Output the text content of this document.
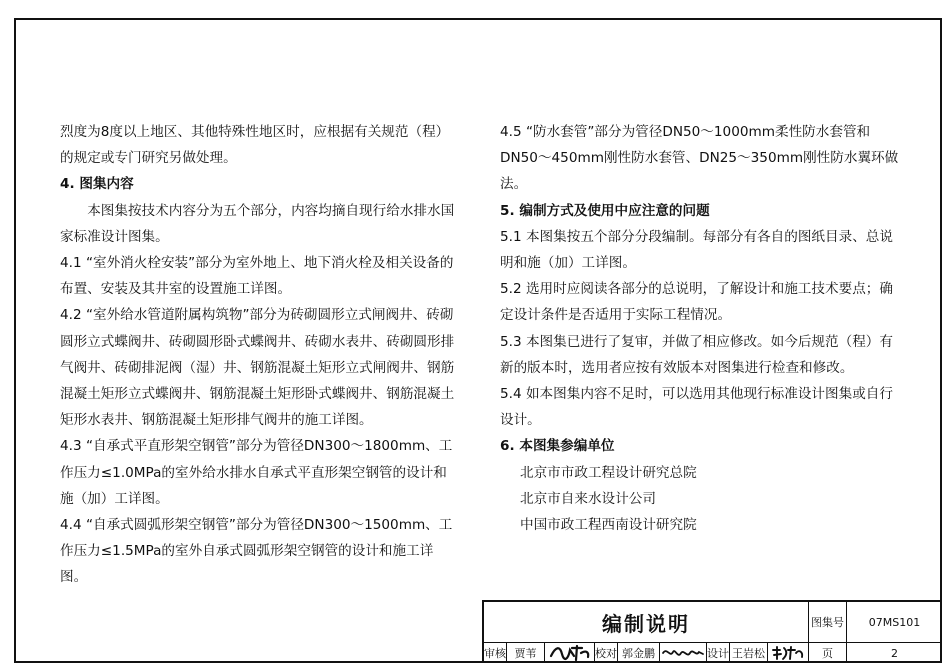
烈度为8度以上地区、其他特殊性地区时，应根据有关规范（程）

的规定或专门研究另做处理。

4. 图集内容

本图集按技术内容分为五个部分，内容均摘自现行给水排水国家标准设计图集。

4.1 “室外消火栓安装”部分为室外地上、地下消火栓及相关设备的布置、安装及其井室的设置施工详图。

4.2 “室外给水管道附属构筑物”部分为砖砌圆形立式闸阀井、砖砌圆形立式蝶阀井、砖砌圆形卧式蝶阀井、砖砌水表井、砖砌圆形排气阀井、砖砌排泥阀（湿）井、钢筋混凝土矩形立式闸阀井、钢筋混凝土矩形立式蝶阀井、钢筋混凝土矩形卧式蝶阀井、钢筋混凝土矩形水表井、钢筋混凝土矩形排气阀井的施工详图。

4.3 “自承式平直形架空钢管”部分为管径DN300～1800mm、工作压力≤1.0MPa的室外给水排水自承式平直形架空钢管的设计和施（加）工详图。

4.4 “自承式圆弧形架空钢管”部分为管径DN300～1500mm、工作压力≤1.5MPa的室外自承式圆弧形架空钢管的设计和施工详图。

4.5 “防水套管”部分为管径DN50～1000mm柔性防水套管和DN50～450mm刚性防水套管、DN25～350mm刚性防水翼环做法。

5. 编制方式及使用中应注意的问题

5.1 本图集按五个部分分段编制。每部分有各自的图纸目录、总说明和施（加）工详图。

5.2 选用时应阅读各部分的总说明，了解设计和施工技术要点；确定设计条件是否适用于实际工程情况。

5.3 本图集已进行了复审，并做了相应修改。如今后规范（程）有新的版本时，选用者应按有效版本对图集进行检查和修改。

5.4 如本图集内容不足时，可以选用其他现行标准设计图集或自行设计。

6. 本图集参编单位

北京市市政工程设计研究总院

北京市自来水设计公司

中国市政工程西南设计研究院

编制说明	图集号	07MS101
页	2
审核 贾苇	校对 郭金鹏	设计 王岩松
